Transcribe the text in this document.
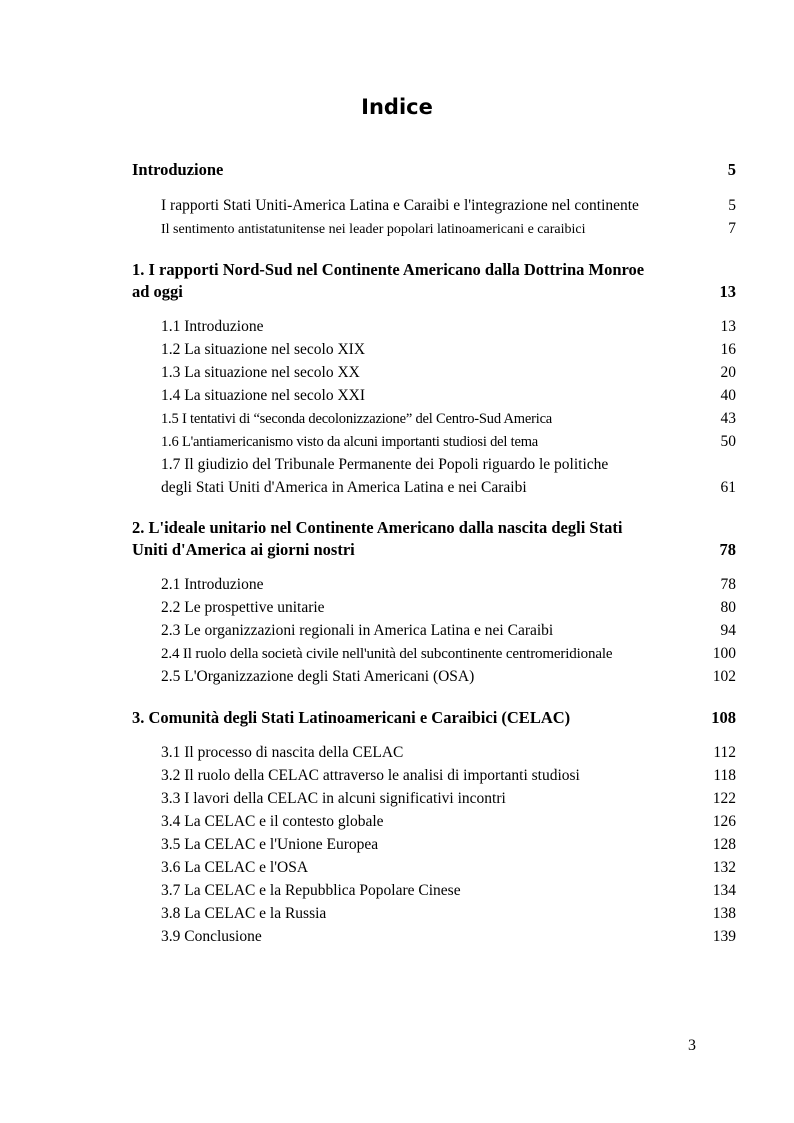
Indice
Introduzione	5
I rapporti Stati Uniti-America Latina e Caraibi e l'integrazione nel continente	5
Il sentimento antistatunitense nei leader popolari latinoamericani e caraibici	7
1. I rapporti Nord-Sud nel Continente Americano dalla Dottrina Monroe
ad oggi	13
1.1 Introduzione	13
1.2 La situazione nel secolo XIX	16
1.3 La situazione nel secolo XX	20
1.4 La situazione nel secolo XXI	40
1.5 I tentativi di “seconda decolonizzazione” del Centro-Sud America	43
1.6 L'antiamericanismo visto da alcuni importanti studiosi del tema	50
1.7 Il giudizio del Tribunale Permanente dei Popoli riguardo le politiche
degli Stati Uniti d'America in America Latina e nei Caraibi	61
2. L'ideale unitario nel Continente Americano dalla nascita degli Stati
Uniti d'America ai giorni nostri	78
2.1 Introduzione	78
2.2 Le prospettive unitarie	80
2.3 Le organizzazioni regionali in America Latina e nei Caraibi	94
2.4 Il ruolo della società civile nell'unità del subcontinente centromeridionale	100
2.5 L'Organizzazione degli Stati Americani (OSA)	102
3. Comunità degli Stati Latinoamericani e Caraibici (CELAC)	108
3.1 Il processo di nascita della CELAC	112
3.2 Il ruolo della CELAC attraverso le analisi di importanti studiosi	118
3.3 I lavori della CELAC in alcuni significativi incontri	122
3.4 La CELAC e il contesto globale	126
3.5 La CELAC e l'Unione Europea	128
3.6 La CELAC e l'OSA	132
3.7 La CELAC e la Repubblica Popolare Cinese	134
3.8 La CELAC e la Russia	138
3.9 Conclusione	139
3
